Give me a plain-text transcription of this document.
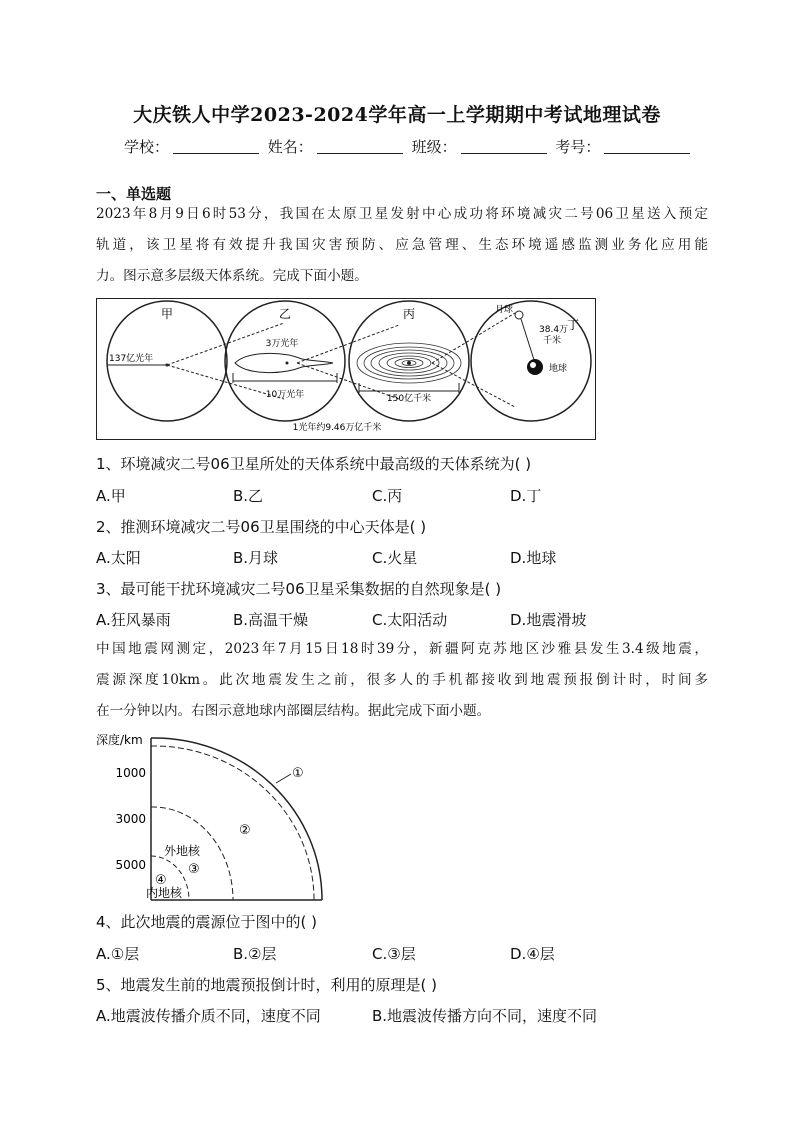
大庆铁人中学2023-2024学年高一上学期期中考试地理试卷
学校：	姓名：	班级：	考号：
一、单选题
2023年8月9日6时53分，我国在太原卫星发射中心成功将环境减灾二号06卫星送入预定
轨道，该卫星将有效提升我国灾害预防、应急管理、生态环境遥感监测业务化应用能
力。图示意多层级天体系统。完成下面小题。
甲
137亿光年
乙
3万光年
10万光年
丙
150亿千米
丁
月球
38.4万
千米
地球
1光年约9.46万亿千米
1、环境减灾二号06卫星所处的天体系统中最高级的天体系统为( )
A.甲	B.乙	C.丙	D.丁
2、推测环境减灾二号06卫星围绕的中心天体是( )
A.太阳	B.月球	C.火星	D.地球
3、最可能干扰环境减灾二号06卫星采集数据的自然现象是( )
A.狂风暴雨	B.高温干燥	C.太阳活动	D.地震滑坡
中国地震网测定，2023年7月15日18时39分，新疆阿克苏地区沙雅县发生3.4级地震，
震源深度10km。此次地震发生之前，很多人的手机都接收到地震预报倒计时，时间多
在一分钟以内。右图示意地球内部圈层结构。据此完成下面小题。
深度/km
1000
3000
5000
①
②
外地核
③
④
内地核
4、此次地震的震源位于图中的( )
A.①层	B.②层	C.③层	D.④层
5、地震发生前的地震预报倒计时，利用的原理是( )
A.地震波传播介质不同，速度不同	B.地震波传播方向不同，速度不同
